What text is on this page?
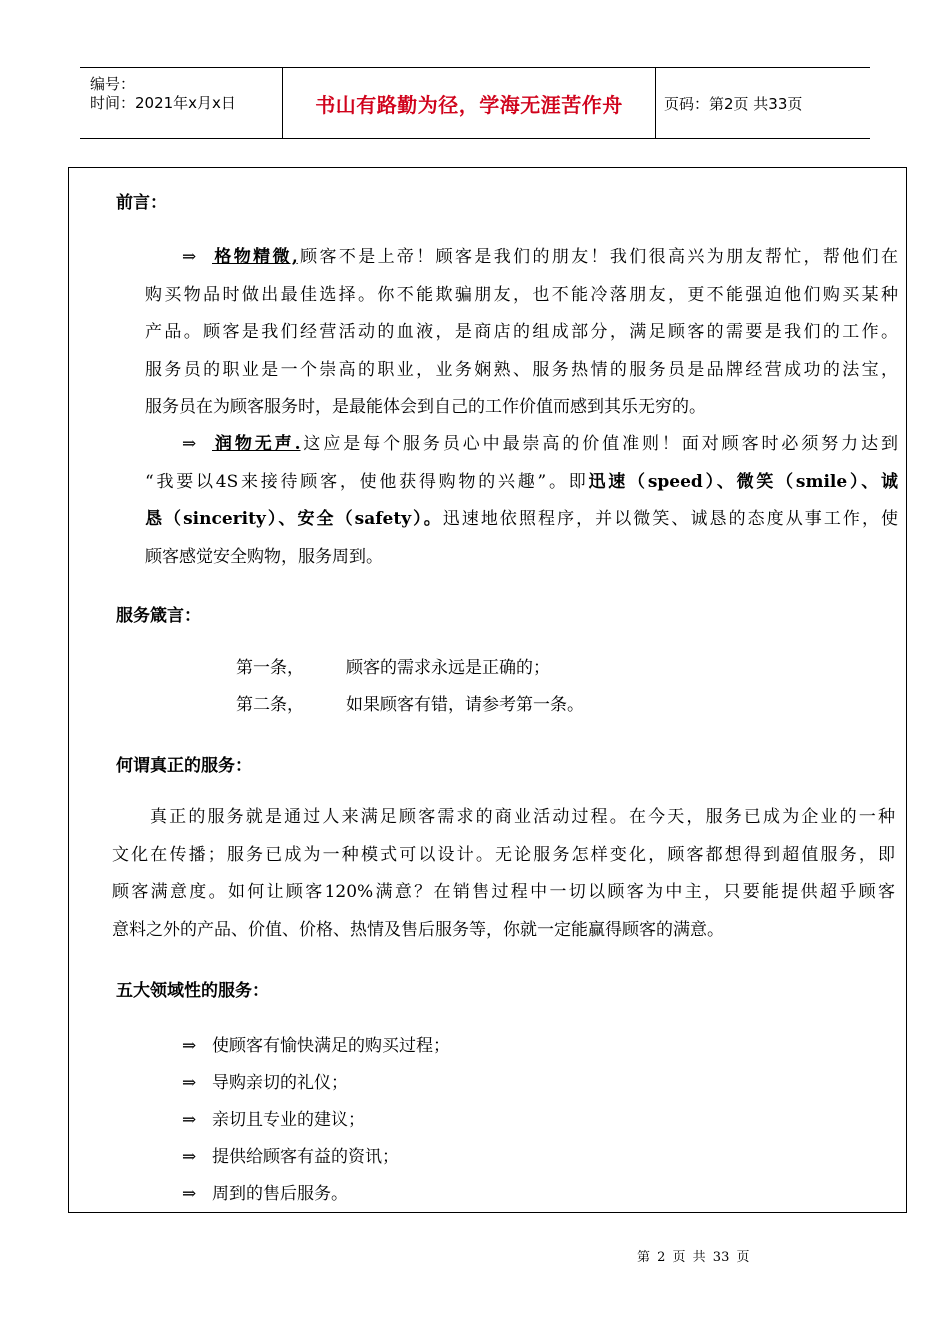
编号：
时间：2021年x月x日	书山有路勤为径，学海无涯苦作舟	页码：第2页 共33页
前言：
⇒ 格物精微,顾客不是上帝！顾客是我们的朋友！我们很高兴为朋友帮忙，帮他们在
购买物品时做出最佳选择。你不能欺骗朋友，也不能冷落朋友，更不能强迫他们购买某种
产品。顾客是我们经营活动的血液，是商店的组成部分，满足顾客的需要是我们的工作。
服务员的职业是一个崇高的职业，业务娴熟、服务热情的服务员是品牌经营成功的法宝，
服务员在为顾客服务时，是最能体会到自己的工作价值而感到其乐无穷的。
⇒ 润物无声.这应是每个服务员心中最崇高的价值准则！面对顾客时必须努力达到
“我要以4S来接待顾客，使他获得购物的兴趣”。即迅速（speed）、微笑（smile）、诚
恳（sincerity）、安全（safety）。迅速地依照程序，并以微笑、诚恳的态度从事工作，使
顾客感觉安全购物，服务周到。
服务箴言：
第一条， 顾客的需求永远是正确的；
第二条， 如果顾客有错，请参考第一条。
何谓真正的服务：
真正的服务就是通过人来满足顾客需求的商业活动过程。在今天，服务已成为企业的一种
文化在传播；服务已成为一种模式可以设计。无论服务怎样变化，顾客都想得到超值服务，即
顾客满意度。如何让顾客120%满意？在销售过程中一切以顾客为中主，只要能提供超乎顾客
意料之外的产品、价值、价格、热情及售后服务等，你就一定能赢得顾客的满意。
五大领域性的服务：
⇒ 使顾客有愉快满足的购买过程；
⇒ 导购亲切的礼仪；
⇒ 亲切且专业的建议；
⇒ 提供给顾客有益的资讯；
⇒ 周到的售后服务。
第 2 页 共 33 页
